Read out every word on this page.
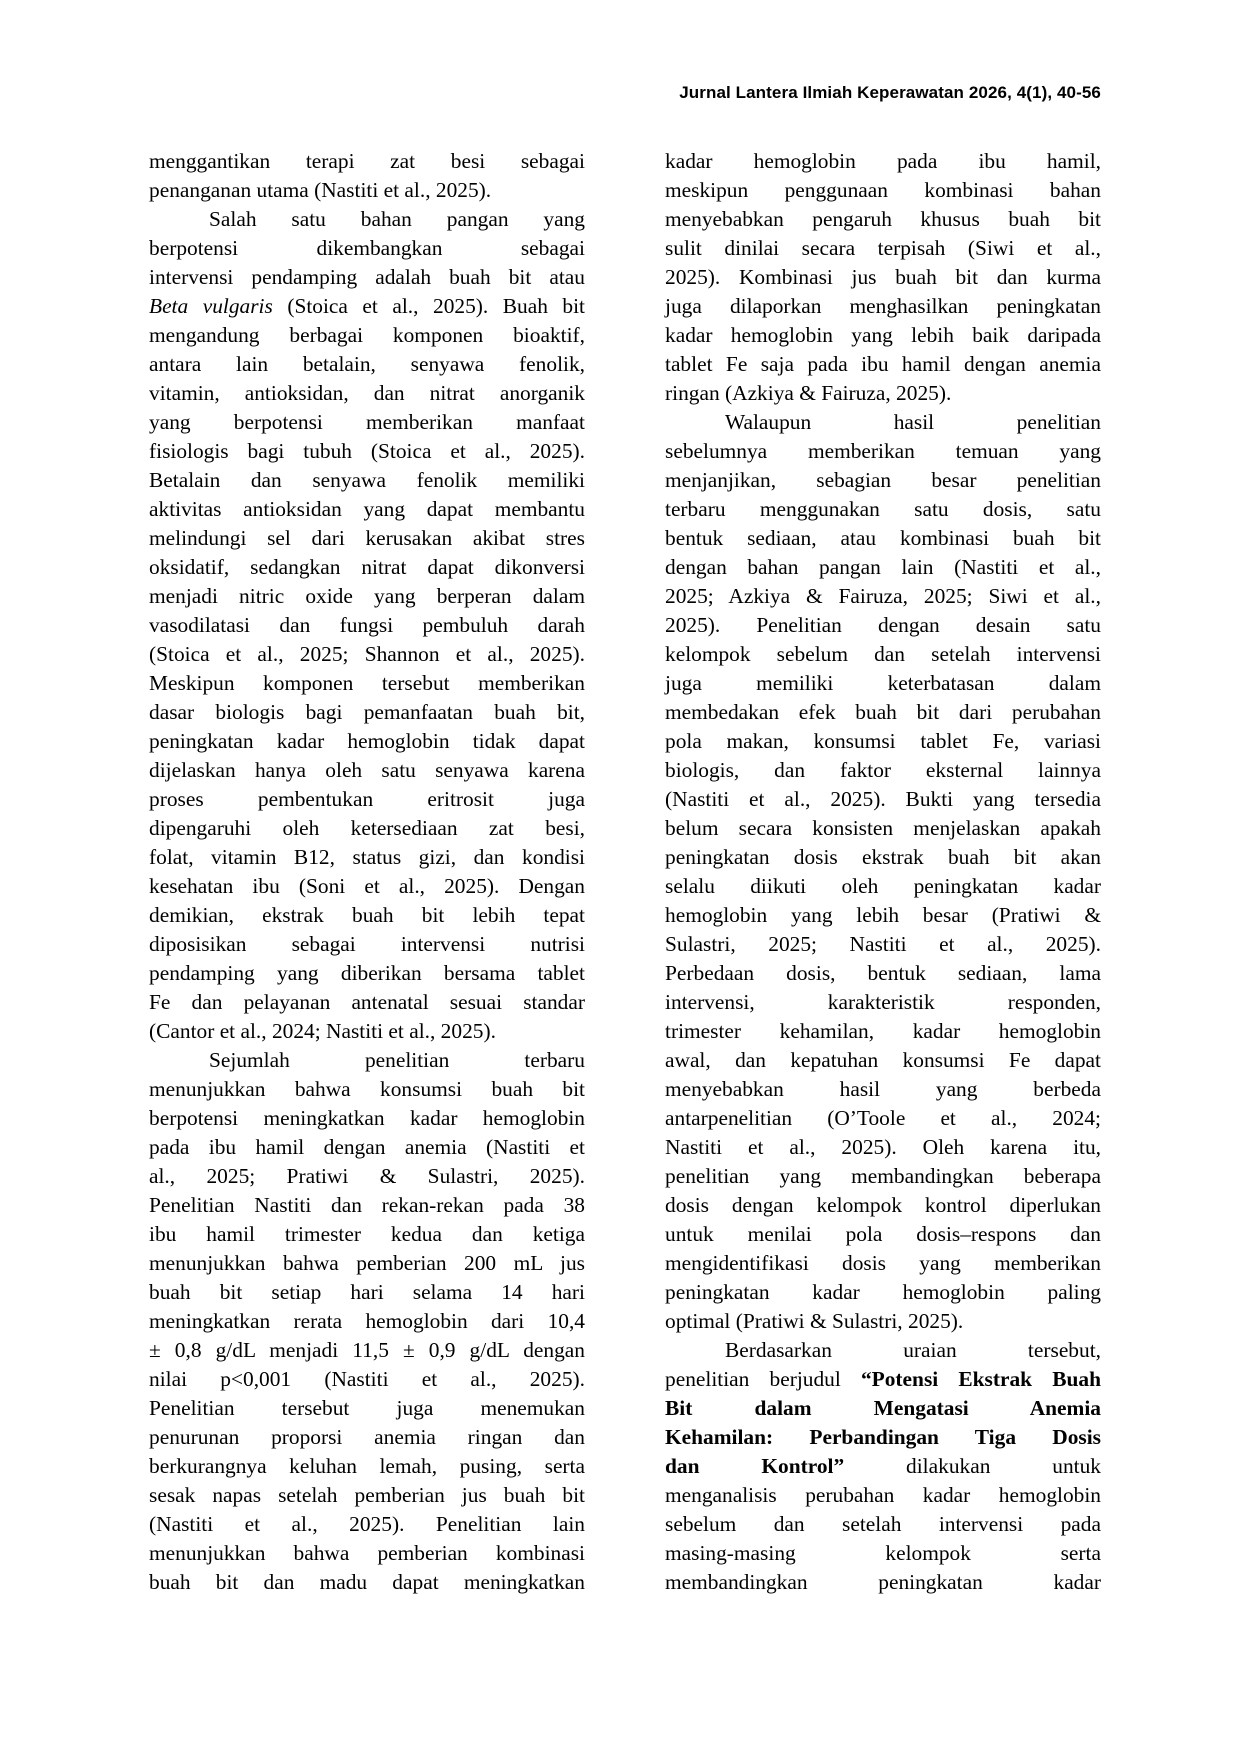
Jurnal Lantera Ilmiah Keperawatan 2026, 4(1), 40-56
menggantikan terapi zat besi sebagai
penanganan utama (Nastiti et al., 2025).
Salah satu bahan pangan yang
berpotensi dikembangkan sebagai
intervensi pendamping adalah buah bit atau
Beta vulgaris (Stoica et al., 2025). Buah bit
mengandung berbagai komponen bioaktif,
antara lain betalain, senyawa fenolik,
vitamin, antioksidan, dan nitrat anorganik
yang berpotensi memberikan manfaat
fisiologis bagi tubuh (Stoica et al., 2025).
Betalain dan senyawa fenolik memiliki
aktivitas antioksidan yang dapat membantu
melindungi sel dari kerusakan akibat stres
oksidatif, sedangkan nitrat dapat dikonversi
menjadi nitric oxide yang berperan dalam
vasodilatasi dan fungsi pembuluh darah
(Stoica et al., 2025; Shannon et al., 2025).
Meskipun komponen tersebut memberikan
dasar biologis bagi pemanfaatan buah bit,
peningkatan kadar hemoglobin tidak dapat
dijelaskan hanya oleh satu senyawa karena
proses pembentukan eritrosit juga
dipengaruhi oleh ketersediaan zat besi,
folat, vitamin B12, status gizi, dan kondisi
kesehatan ibu (Soni et al., 2025). Dengan
demikian, ekstrak buah bit lebih tepat
diposisikan sebagai intervensi nutrisi
pendamping yang diberikan bersama tablet
Fe dan pelayanan antenatal sesuai standar
(Cantor et al., 2024; Nastiti et al., 2025).
Sejumlah penelitian terbaru
menunjukkan bahwa konsumsi buah bit
berpotensi meningkatkan kadar hemoglobin
pada ibu hamil dengan anemia (Nastiti et
al., 2025; Pratiwi & Sulastri, 2025).
Penelitian Nastiti dan rekan-rekan pada 38
ibu hamil trimester kedua dan ketiga
menunjukkan bahwa pemberian 200 mL jus
buah bit setiap hari selama 14 hari
meningkatkan rerata hemoglobin dari 10,4
± 0,8 g/dL menjadi 11,5 ± 0,9 g/dL dengan
nilai p<0,001 (Nastiti et al., 2025).
Penelitian tersebut juga menemukan
penurunan proporsi anemia ringan dan
berkurangnya keluhan lemah, pusing, serta
sesak napas setelah pemberian jus buah bit
(Nastiti et al., 2025). Penelitian lain
menunjukkan bahwa pemberian kombinasi
buah bit dan madu dapat meningkatkan
kadar hemoglobin pada ibu hamil,
meskipun penggunaan kombinasi bahan
menyebabkan pengaruh khusus buah bit
sulit dinilai secara terpisah (Siwi et al.,
2025). Kombinasi jus buah bit dan kurma
juga dilaporkan menghasilkan peningkatan
kadar hemoglobin yang lebih baik daripada
tablet Fe saja pada ibu hamil dengan anemia
ringan (Azkiya & Fairuza, 2025).
Walaupun hasil penelitian
sebelumnya memberikan temuan yang
menjanjikan, sebagian besar penelitian
terbaru menggunakan satu dosis, satu
bentuk sediaan, atau kombinasi buah bit
dengan bahan pangan lain (Nastiti et al.,
2025; Azkiya & Fairuza, 2025; Siwi et al.,
2025). Penelitian dengan desain satu
kelompok sebelum dan setelah intervensi
juga memiliki keterbatasan dalam
membedakan efek buah bit dari perubahan
pola makan, konsumsi tablet Fe, variasi
biologis, dan faktor eksternal lainnya
(Nastiti et al., 2025). Bukti yang tersedia
belum secara konsisten menjelaskan apakah
peningkatan dosis ekstrak buah bit akan
selalu diikuti oleh peningkatan kadar
hemoglobin yang lebih besar (Pratiwi &
Sulastri, 2025; Nastiti et al., 2025).
Perbedaan dosis, bentuk sediaan, lama
intervensi, karakteristik responden,
trimester kehamilan, kadar hemoglobin
awal, dan kepatuhan konsumsi Fe dapat
menyebabkan hasil yang berbeda
antarpenelitian (O’Toole et al., 2024;
Nastiti et al., 2025). Oleh karena itu,
penelitian yang membandingkan beberapa
dosis dengan kelompok kontrol diperlukan
untuk menilai pola dosis–respons dan
mengidentifikasi dosis yang memberikan
peningkatan kadar hemoglobin paling
optimal (Pratiwi & Sulastri, 2025).
Berdasarkan uraian tersebut,
penelitian berjudul “Potensi Ekstrak Buah
Bit dalam Mengatasi Anemia
Kehamilan: Perbandingan Tiga Dosis
dan Kontrol” dilakukan untuk
menganalisis perubahan kadar hemoglobin
sebelum dan setelah intervensi pada
masing-masing kelompok serta
membandingkan peningkatan kadar
